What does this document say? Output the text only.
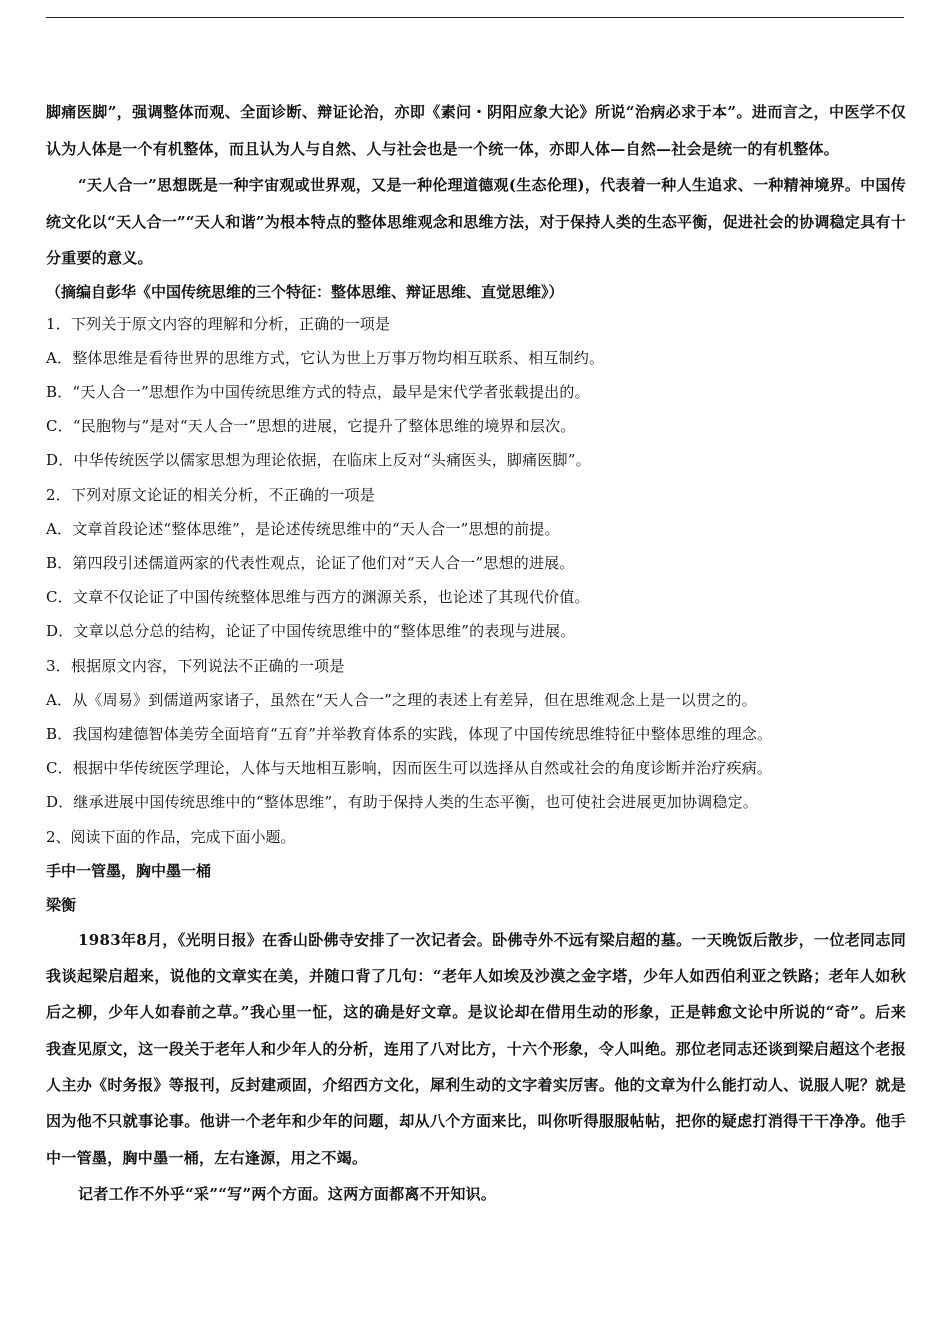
脚痛医脚”，强调整体而观、全面诊断、辩证论治，亦即《素问・阴阳应象大论》所说“治病必求于本”。进而言之，中医学不仅认为人体是一个有机整体，而且认为人与自然、人与社会也是一个统一体，亦即人体—自然—社会是统一的有机整体。

“天人合一”思想既是一种宇宙观或世界观，又是一种伦理道德观(生态伦理)，代表着一种人生追求、一种精神境界。中国传统文化以“天人合一”“天人和谐”为根本特点的整体思维观念和思维方法，对于保持人类的生态平衡，促进社会的协调稳定具有十分重要的意义。

（摘编自彭华《中国传统思维的三个特征：整体思维、辩证思维、直觉思维》）

1．下列关于原文内容的理解和分析，正确的一项是

A．整体思维是看待世界的思维方式，它认为世上万事万物均相互联系、相互制约。

B．“天人合一”思想作为中国传统思维方式的特点，最早是宋代学者张载提出的。

C．“民胞物与”是对“天人合一”思想的进展，它提升了整体思维的境界和层次。

D．中华传统医学以儒家思想为理论依据，在临床上反对“头痛医头，脚痛医脚”。

2．下列对原文论证的相关分析，不正确的一项是

A．文章首段论述“整体思维”，是论述传统思维中的“天人合一”思想的前提。

B．第四段引述儒道两家的代表性观点，论证了他们对“天人合一”思想的进展。

C．文章不仅论证了中国传统整体思维与西方的渊源关系，也论述了其现代价值。

D．文章以总分总的结构，论证了中国传统思维中的“整体思维”的表现与进展。

3．根据原文内容，下列说法不正确的一项是

A．从《周易》到儒道两家诸子，虽然在“天人合一”之理的表述上有差异，但在思维观念上是一以贯之的。

B．我国构建德智体美劳全面培育“五育”并举教育体系的实践，体现了中国传统思维特征中整体思维的理念。

C．根据中华传统医学理论，人体与天地相互影响，因而医生可以选择从自然或社会的角度诊断并治疗疾病。

D．继承进展中国传统思维中的“整体思维”，有助于保持人类的生态平衡，也可使社会进展更加协调稳定。

2、阅读下面的作品，完成下面小题。

手中一管墨，胸中墨一桶

梁衡

1983年8月，《光明日报》在香山卧佛寺安排了一次记者会。卧佛寺外不远有梁启超的墓。一天晚饭后散步，一位老同志同我谈起梁启超来，说他的文章实在美，并随口背了几句：“老年人如埃及沙漠之金字塔，少年人如西伯利亚之铁路；老年人如秋后之柳，少年人如春前之草。”我心里一怔，这的确是好文章。是议论却在借用生动的形象，正是韩愈文论中所说的“奇”。后来我查见原文，这一段关于老年人和少年人的分析，连用了八对比方，十六个形象，令人叫绝。那位老同志还谈到梁启超这个老报人主办《时务报》等报刊，反封建顽固，介绍西方文化，犀利生动的文字着实厉害。他的文章为什么能打动人、说服人呢？就是因为他不只就事论事。他讲一个老年和少年的问题，却从八个方面来比，叫你听得服服帖帖，把你的疑虑打消得干干净净。他手中一管墨，胸中墨一桶，左右逢源，用之不竭。

记者工作不外乎“采”“写”两个方面。这两方面都离不开知识。
